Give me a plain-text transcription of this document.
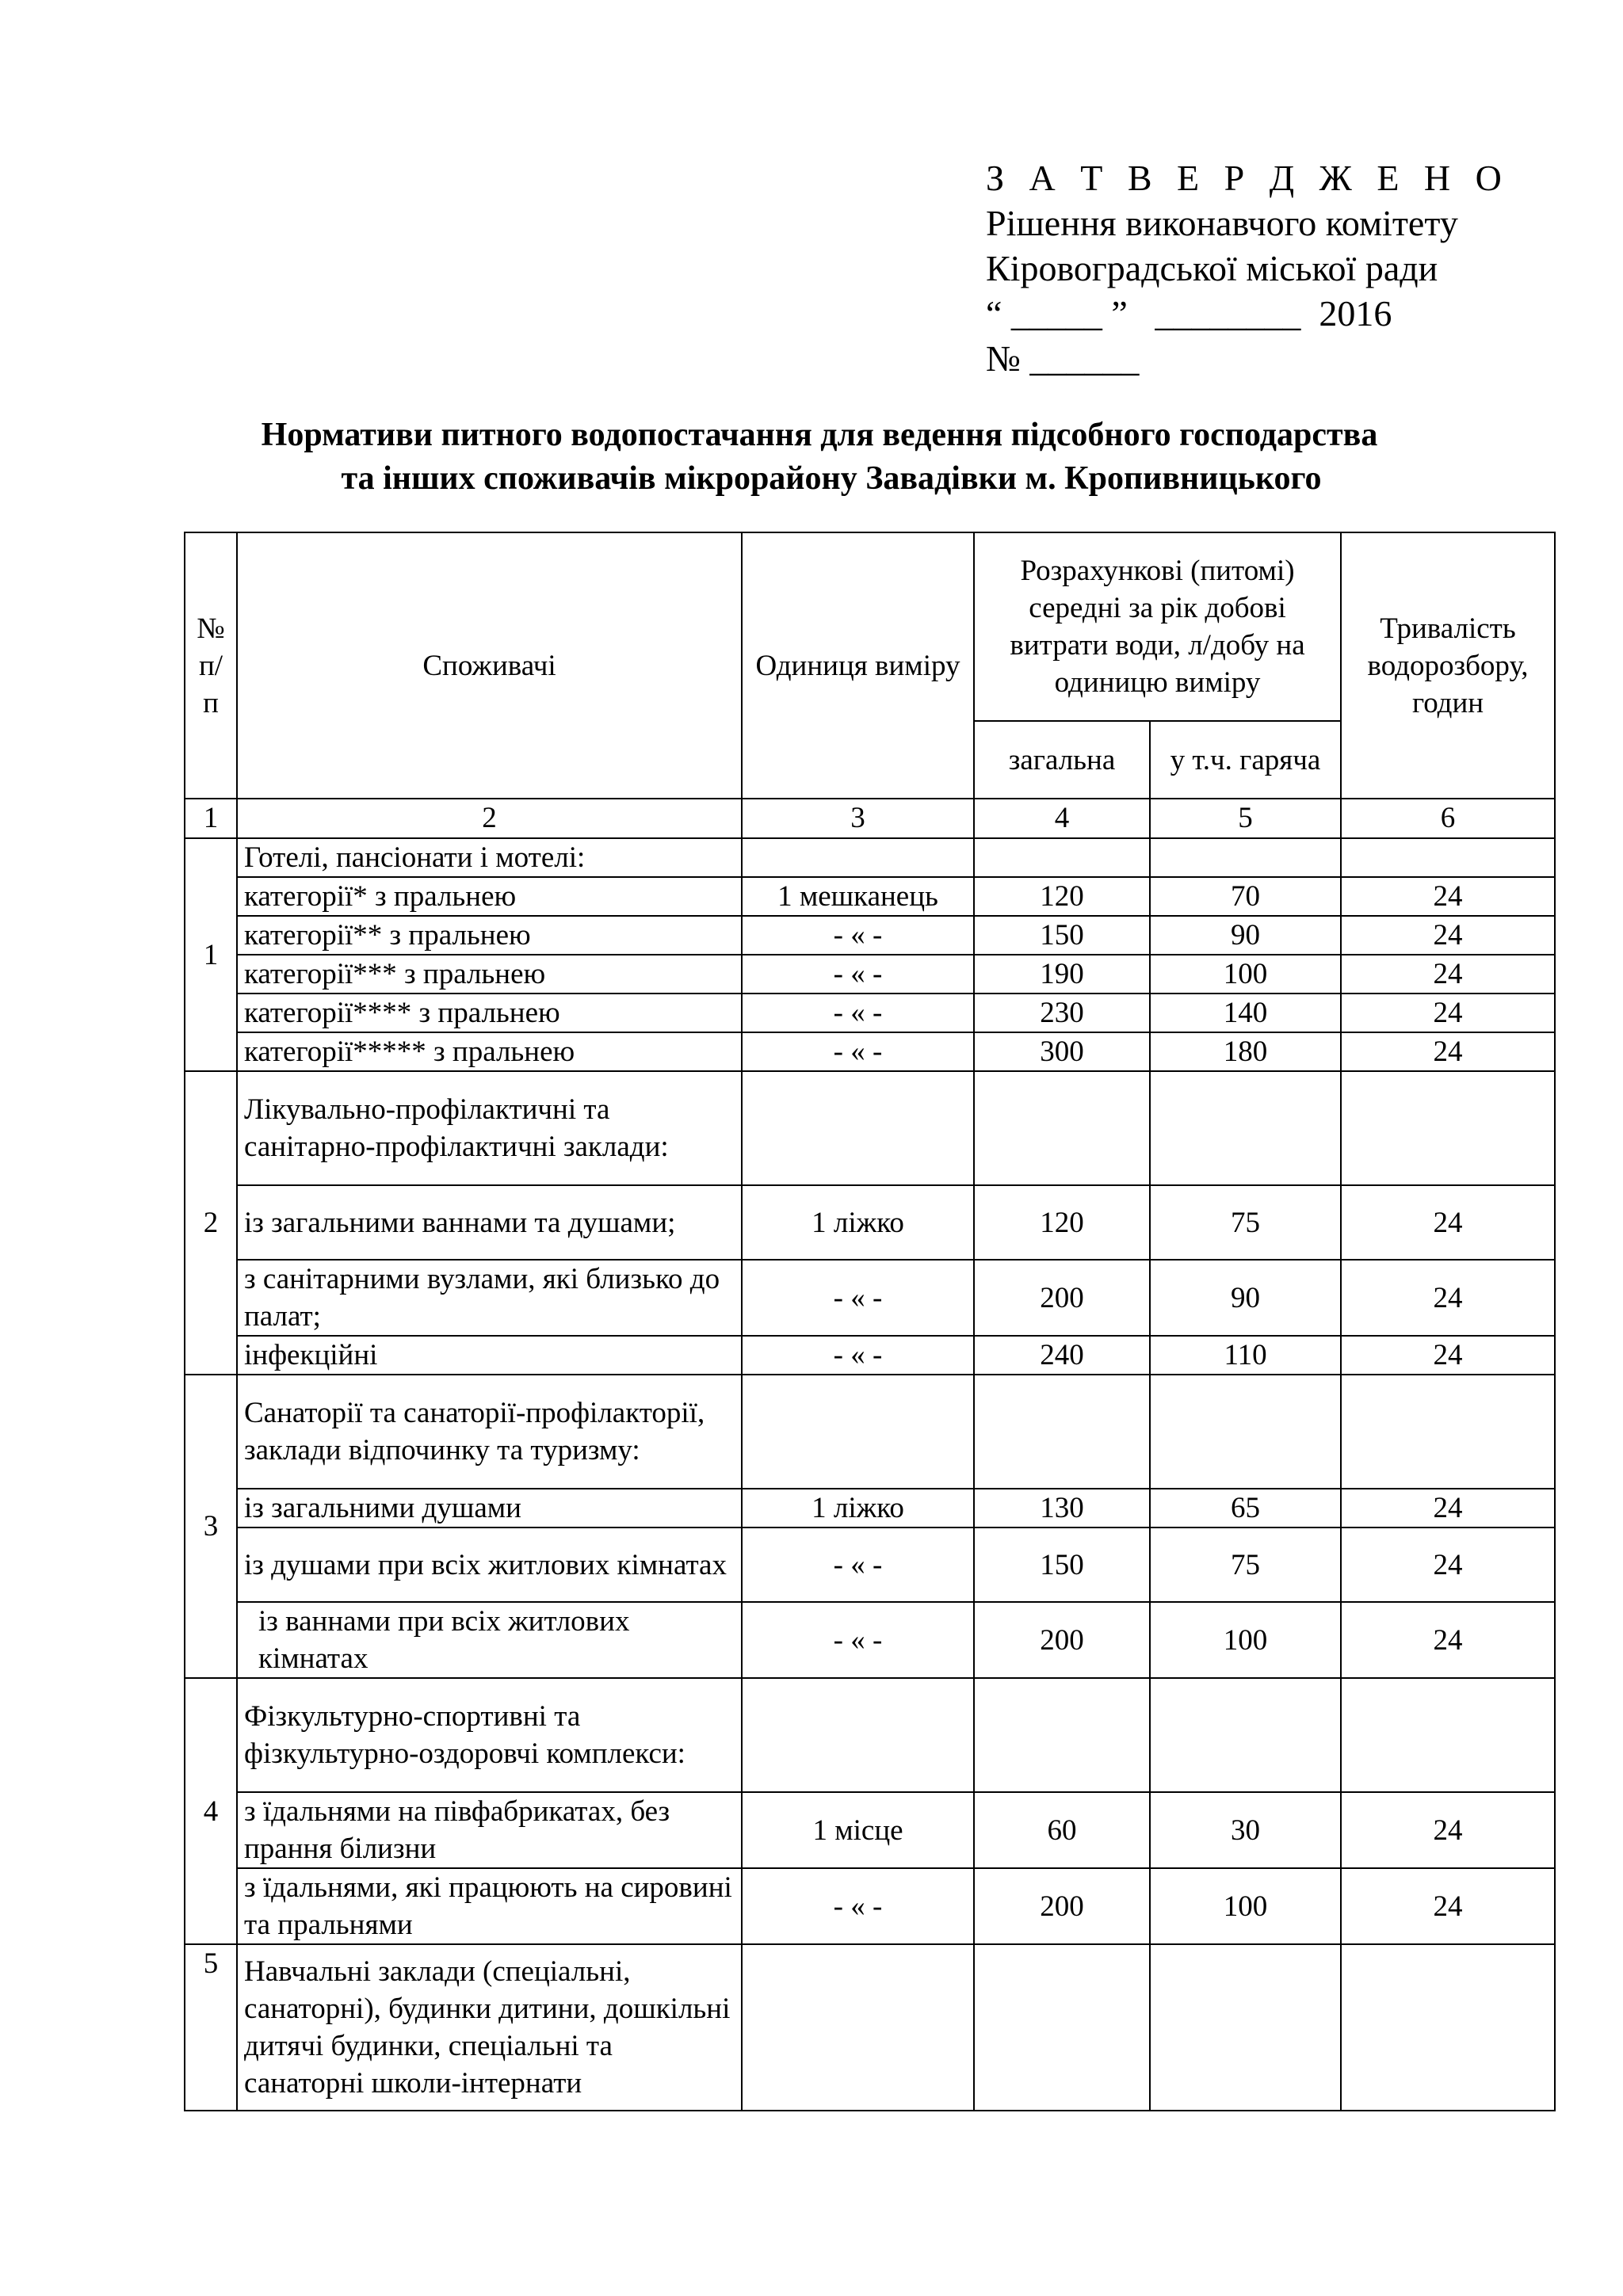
З А Т В Е Р Д Ж Е Н О
Рішення виконавчого комітету
Кіровоградської міської ради
“ _____ ”   ________  2016
№ ______
Нормативи питного водопостачання для ведення підсобного господарства
та інших споживачів мікрорайону Завадівки м. Кропивницького
№ п/п	Споживачі	Одиниця виміру	Розрахункові (питомі) середні за рік добові витрати води, л/добу на одиницю виміру		Тривалість водорозбору, годин
			загальна	у т.ч. гаряча	
1	2	3	4	5	6
1	Готелі, пансіонати і мотелі:				
	категорії* з пральнею	1 мешканець	120	70	24
	категорії** з пральнею	- « -	150	90	24
	категорії*** з пральнею	- « -	190	100	24
	категорії**** з пральнею	- « -	230	140	24
	категорії***** з пральнею	- « -	300	180	24
2	Лікувально-профілактичні та санітарно-профілактичні заклади:				
	із загальними ваннами та душами;	1 ліжко	120	75	24
	з санітарними вузлами, які близько до палат;	- « -	200	90	24
	інфекційні	- « -	240	110	24
3	Санаторії та санаторії-профілакторії, заклади відпочинку та туризму:				
	із загальними душами	1 ліжко	130	65	24
	із душами при всіх житлових кімнатах	- « -	150	75	24
	із ваннами при всіх житлових кімнатах	- « -	200	100	24
4	Фізкультурно-спортивні та фізкультурно-оздоровчі комплекси:				
	з їдальнями на півфабрикатах, без прання білизни	1 місце	60	30	24
	з їдальнями, які працюють на сировині та пральнями	- « -	200	100	24
5	Навчальні заклади (спеціальні, санаторні), будинки дитини, дошкільні дитячі будинки, спеціальні та санаторні школи-інтернати				
